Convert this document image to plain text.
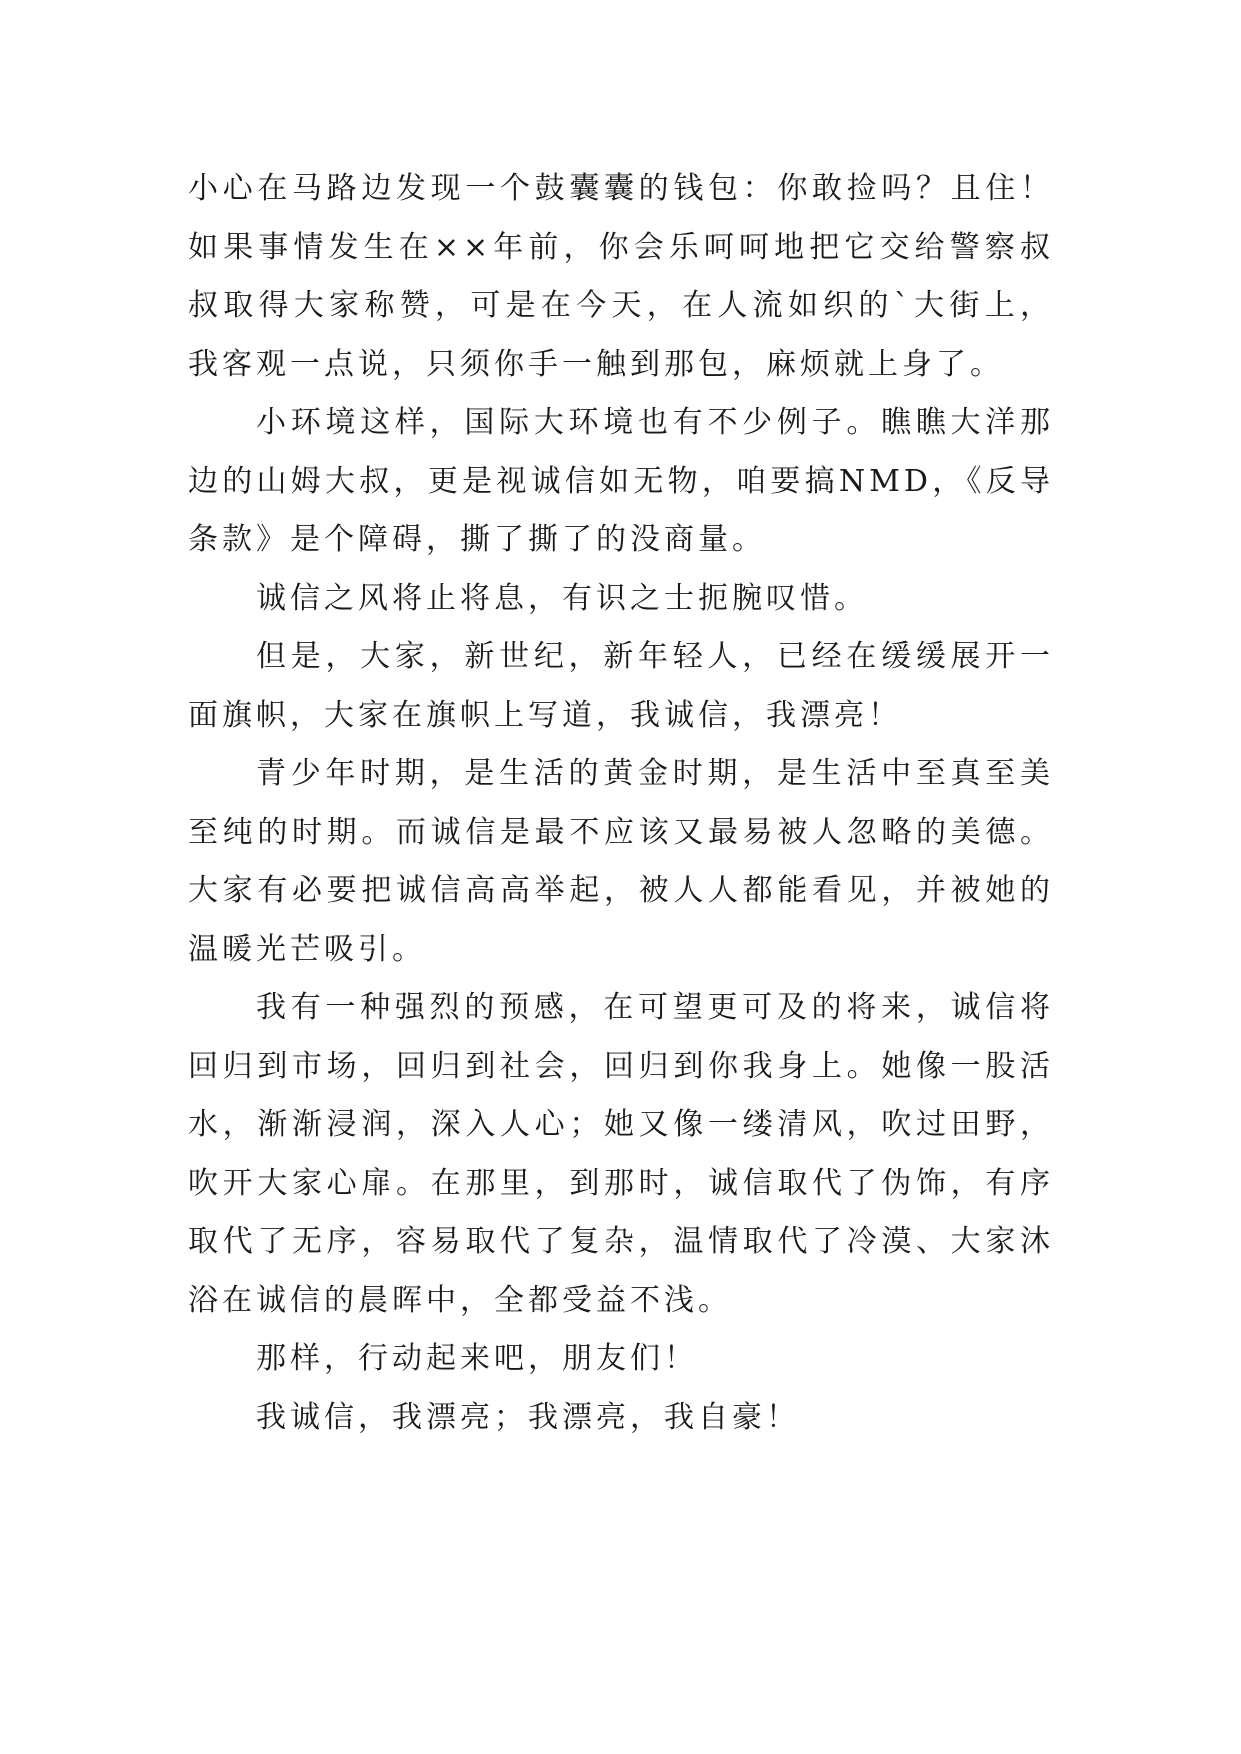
小心在马路边发现一个鼓囊囊的钱包：你敢捡吗？且住！如果事情发生在××年前，你会乐呵呵地把它交给警察叔叔取得大家称赞，可是在今天，在人流如织的`大街上，我客观一点说，只须你手一触到那包，麻烦就上身了。

小环境这样，国际大环境也有不少例子。瞧瞧大洋那边的山姆大叔，更是视诚信如无物，咱要搞NMD，《反导条款》是个障碍，撕了撕了的没商量。

诚信之风将止将息，有识之士扼腕叹惜。

但是，大家，新世纪，新年轻人，已经在缓缓展开一面旗帜，大家在旗帜上写道，我诚信，我漂亮！

青少年时期，是生活的黄金时期，是生活中至真至美至纯的时期。而诚信是最不应该又最易被人忽略的美德。大家有必要把诚信高高举起，被人人都能看见，并被她的温暖光芒吸引。

我有一种强烈的预感，在可望更可及的将来，诚信将回归到市场，回归到社会，回归到你我身上。她像一股活水，渐渐浸润，深入人心；她又像一缕清风，吹过田野，吹开大家心扉。在那里，到那时，诚信取代了伪饰，有序取代了无序，容易取代了复杂，温情取代了冷漠、大家沐浴在诚信的晨晖中，全都受益不浅。

那样，行动起来吧，朋友们！

我诚信，我漂亮；我漂亮，我自豪！
